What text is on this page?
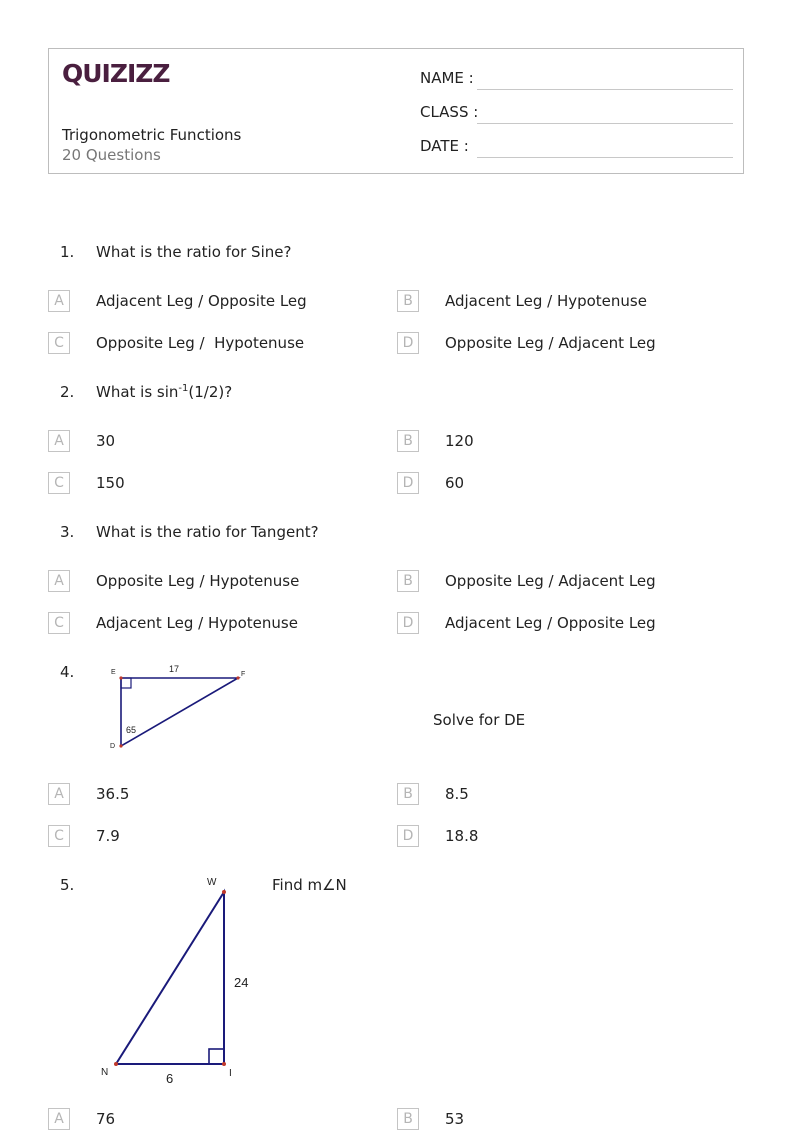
QUIZIZZ
Trigonometric Functions
20 Questions
NAME :
CLASS :
DATE :
1. What is the ratio for Sine?
A	Adjacent Leg / Opposite Leg	B	Adjacent Leg / Hypotenuse
C	Opposite Leg /  Hypotenuse	D	Opposite Leg / Adjacent Leg
2. What is $\sin^{-1}(1/2)$?
A	30	B	120
C	150	D	60
3. What is the ratio for Tangent?
A	Opposite Leg / Hypotenuse	B	Opposite Leg / Adjacent Leg
C	Adjacent Leg / Hypotenuse	D	Adjacent Leg / Opposite Leg
4.	E	F
D
17
65
Solve for DE
A	36.5	B	8.5
C	7.9	D	18.8
5.	W
N	I
24
6
Find m∠N
A	76	B	53
